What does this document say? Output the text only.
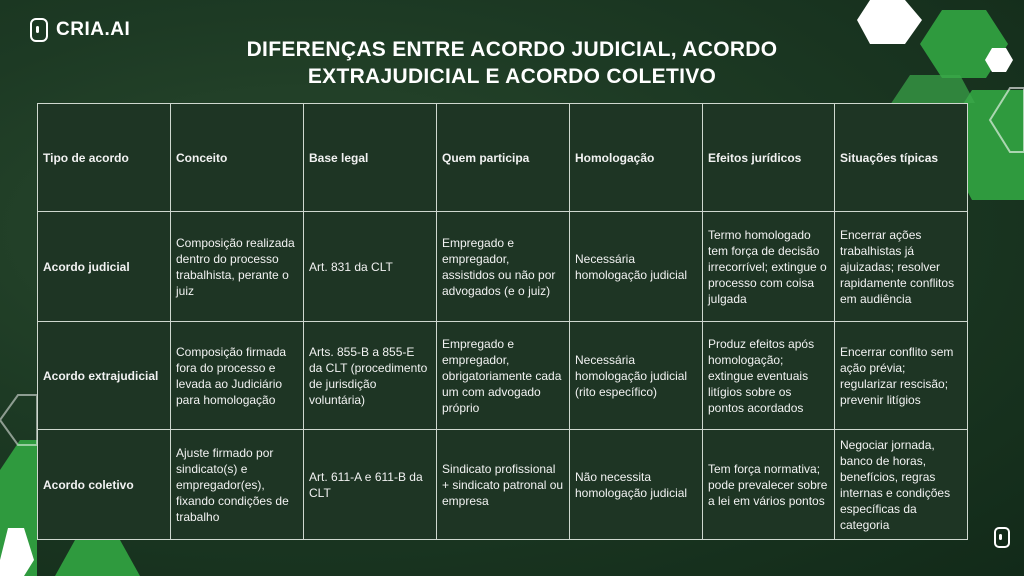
CRIA.AI
DIFERENÇAS ENTRE ACORDO JUDICIAL, ACORDO
EXTRAJUDICIAL E ACORDO COLETIVO
Tipo de acordo	Conceito	Base legal	Quem participa	Homologação	Efeitos jurídicos	Situações típicas
Acordo judicial	Composição realizada dentro do processo trabalhista, perante o juiz	Art. 831 da CLT	Empregado e empregador, assistidos ou não por advogados (e o juiz)	Necessária homologação judicial	Termo homologado tem força de decisão irrecorrível; extingue o processo com coisa julgada	Encerrar ações trabalhistas já ajuizadas; resolver rapidamente conflitos em audiência
Acordo extrajudicial	Composição firmada fora do processo e levada ao Judiciário para homologação	Arts. 855-B a 855-E da CLT (procedimento de jurisdição voluntária)	Empregado e empregador, obrigatoriamente cada um com advogado próprio	Necessária homologação judicial (rito específico)	Produz efeitos após homologação; extingue eventuais litígios sobre os pontos acordados	Encerrar conflito sem ação prévia; regularizar rescisão; prevenir litígios
Acordo coletivo	Ajuste firmado por sindicato(s) e empregador(es), fixando condições de trabalho	Art. 611-A e 611-B da CLT	Sindicato profissional + sindicato patronal ou empresa	Não necessita homologação judicial	Tem força normativa; pode prevalecer sobre a lei em vários pontos	Negociar jornada, banco de horas, benefícios, regras internas e condições específicas da categoria
